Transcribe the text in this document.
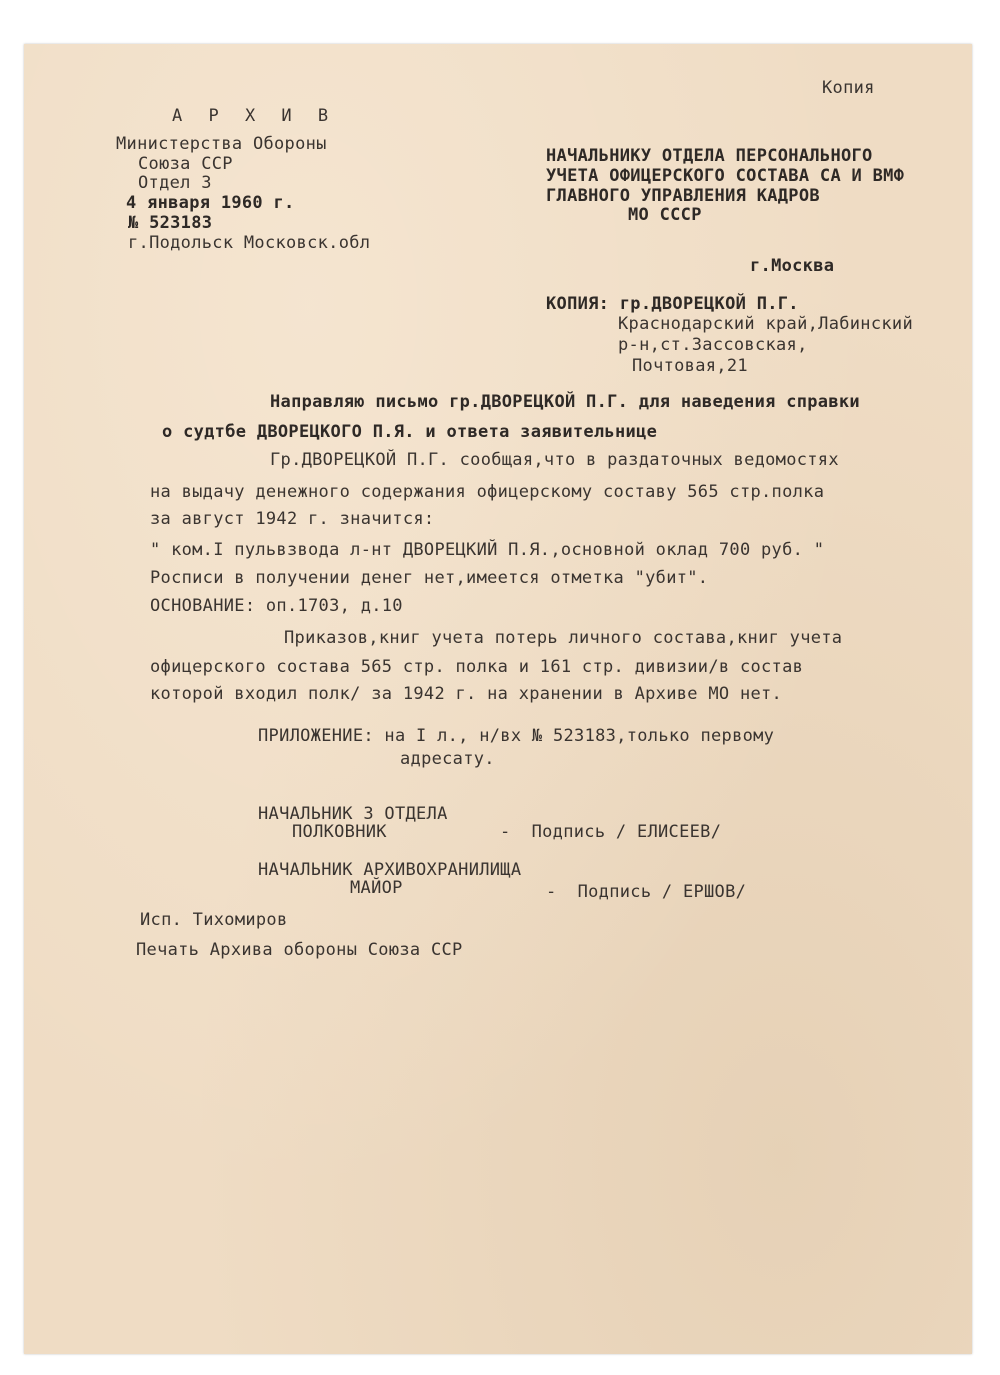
Копия
А Р Х И В
Министерства Обороны
Союза ССР
Отдел 3
4 января 1960 г.
№ 523183
г.Подольск Московск.обл
НАЧАЛЬНИКУ ОТДЕЛА ПЕРСОНАЛЬНОГО
УЧЕТА ОФИЦЕРСКОГО СОСТАВА СА И ВМФ
ГЛАВНОГО УПРАВЛЕНИЯ КАДРОВ
МО СССР
г.Москва
КОПИЯ: гр.ДВОРЕЦКОЙ П.Г.
Краснодарский край,Лабинский
р-н,ст.Зассовская,
Почтовая,21
Направляю письмо гр.ДВОРЕЦКОЙ П.Г. для наведения справки
о судтбе ДВОРЕЦКОГО П.Я. и ответа заявительнице
Гр.ДВОРЕЦКОЙ П.Г. сообщая,что в раздаточных ведомостях
на выдачу денежного содержания офицерскому составу 565 стр.полка
за август 1942 г. значится:
" ком.I пульвзвода л-нт ДВОРЕЦКИЙ П.Я.,основной оклад 700 руб. "
Росписи в получении денег нет,имеется отметка "убит".
ОСНОВАНИЕ: оп.1703, д.10
Приказов,книг учета потерь личного состава,книг учета
офицерского состава 565 стр. полка и 161 стр. дивизии/в состав
которой входил полк/ за 1942 г. на хранении в Архиве МО нет.
ПРИЛОЖЕНИЕ: на I л., н/вх № 523183,только первому
адресату.
НАЧАЛЬНИК 3 ОТДЕЛА
ПОЛКОВНИК	-  Подпись / ЕЛИСЕЕВ/
НАЧАЛЬНИК АРХИВОХРАНИЛИЩА
МАЙОР	-  Подпись / ЕРШОВ/
Исп. Тихомиров
Печать Архива обороны Союза ССР
